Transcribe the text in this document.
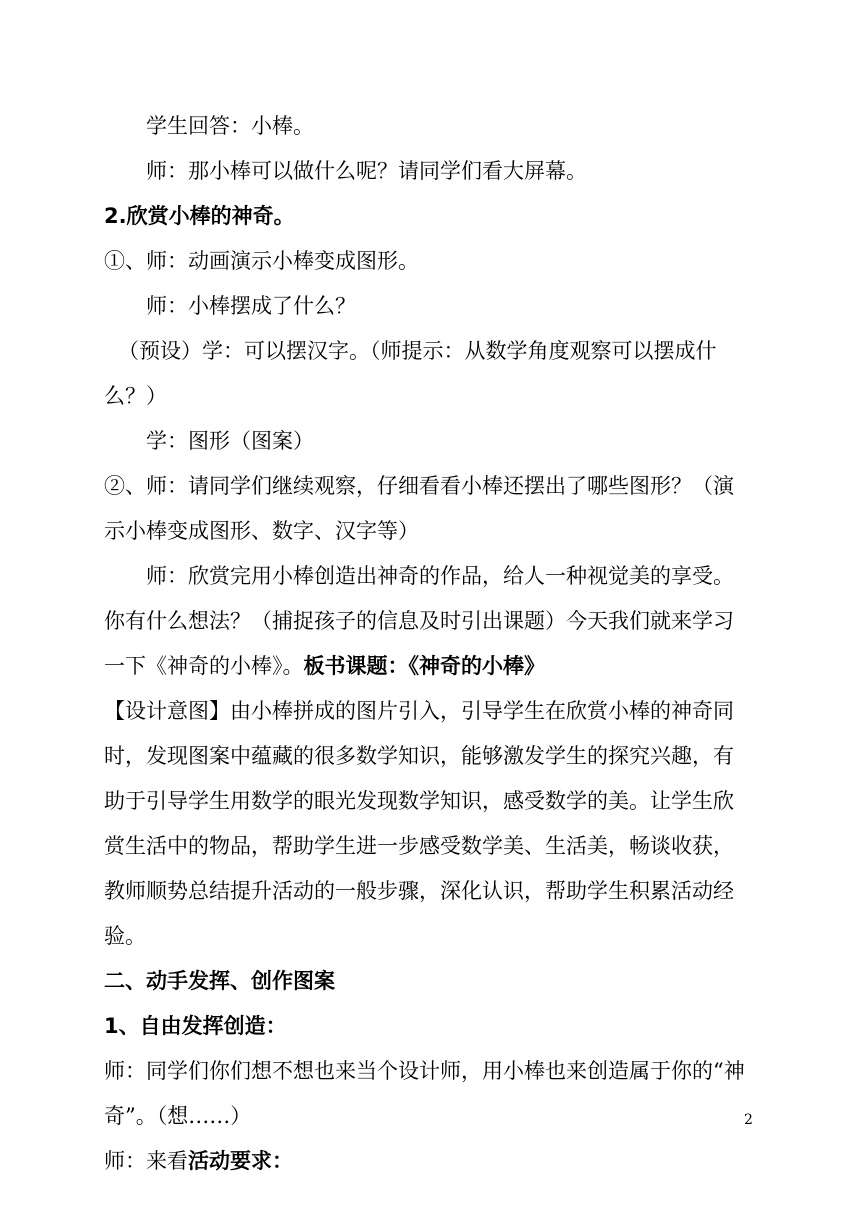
学生回答：小棒。

师：那小棒可以做什么呢？请同学们看大屏幕。

2.欣赏小棒的神奇。

①、师：动画演示小棒变成图形。

师：小棒摆成了什么？

（预设）学：可以摆汉字。（师提示：从数学角度观察可以摆成什

么？）

学：图形（图案）

②、师：请同学们继续观察，仔细看看小棒还摆出了哪些图形？（演

示小棒变成图形、数字、汉字等）

师：欣赏完用小棒创造出神奇的作品，给人一种视觉美的享受。

你有什么想法？（捕捉孩子的信息及时引出课题）今天我们就来学习

一下《神奇的小棒》。板书课题：《神奇的小棒》

【设计意图】由小棒拼成的图片引入，引导学生在欣赏小棒的神奇同

时，发现图案中蕴藏的很多数学知识，能够激发学生的探究兴趣，有

助于引导学生用数学的眼光发现数学知识，感受数学的美。让学生欣

赏生活中的物品，帮助学生进一步感受数学美、生活美，畅谈收获，

教师顺势总结提升活动的一般步骤，深化认识，帮助学生积累活动经

验。

二、动手发挥、创作图案

1、自由发挥创造：

师：同学们你们想不想也来当个设计师，用小棒也来创造属于你的“神

奇”。（想……）

师：来看活动要求：

2
